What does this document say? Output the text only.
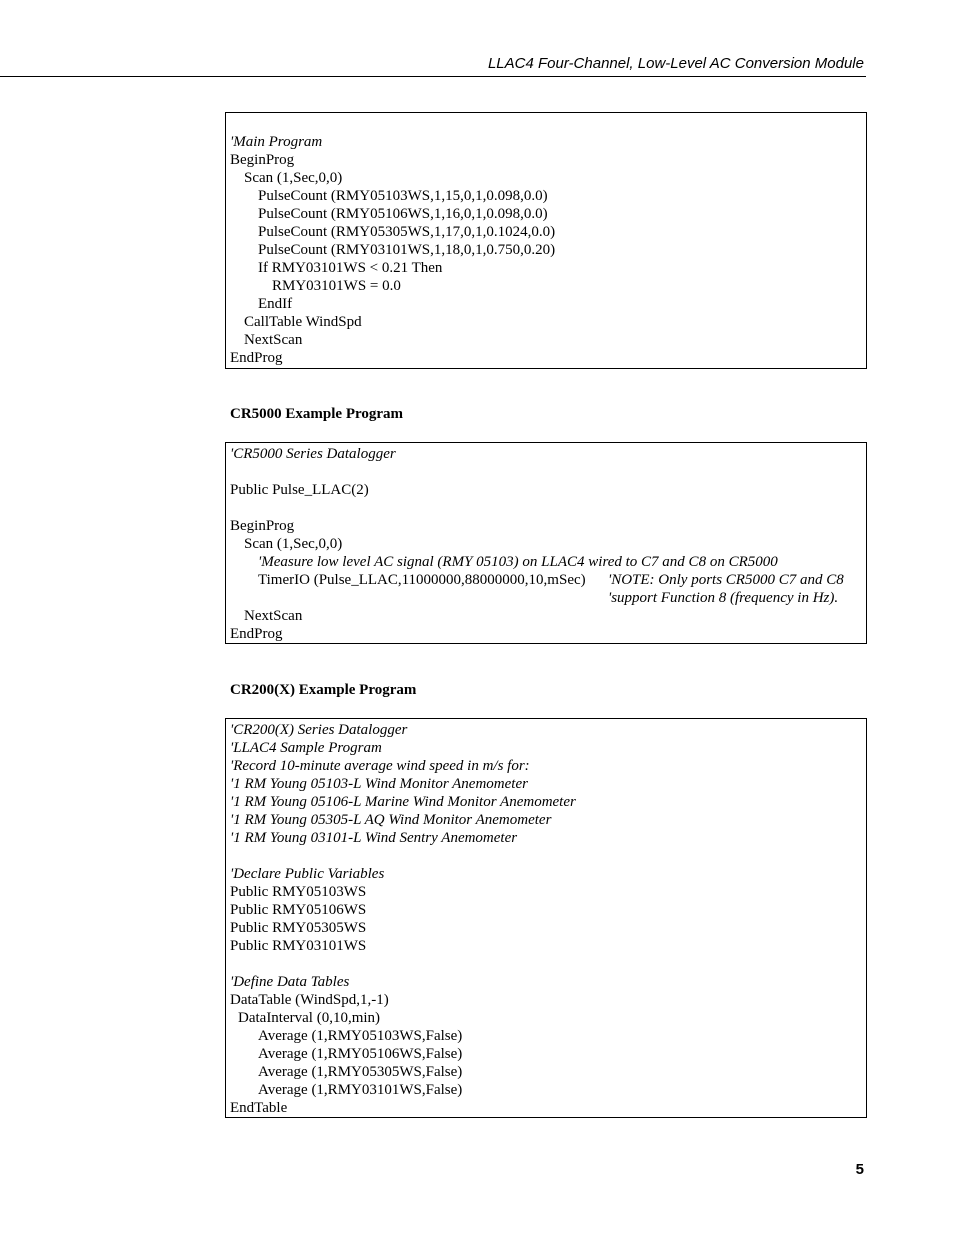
LLAC4 Four-Channel, Low-Level AC Conversion Module
'Main Program
BeginProg
Scan (1,Sec,0,0)
PulseCount (RMY05103WS,1,15,0,1,0.098,0.0)
PulseCount (RMY05106WS,1,16,0,1,0.098,0.0)
PulseCount (RMY05305WS,1,17,0,1,0.1024,0.0)
PulseCount (RMY03101WS,1,18,0,1,0.750,0.20)
If RMY03101WS < 0.21 Then
RMY03101WS = 0.0
EndIf
CallTable WindSpd
NextScan
EndProg
CR5000 Example Program
'CR5000 Series Datalogger
Public Pulse_LLAC(2)
BeginProg
Scan (1,Sec,0,0)
'Measure low level AC signal (RMY 05103) on LLAC4 wired to C7 and C8 on CR5000
TimerIO (Pulse_LLAC,11000000,88000000,10,mSec) 'NOTE: Only ports CR5000 C7 and C8
'support Function 8 (frequency in Hz).
NextScan
EndProg
CR200(X) Example Program
'CR200(X) Series Datalogger
'LLAC4 Sample Program
'Record 10-minute average wind speed in m/s for:
'1 RM Young 05103-L Wind Monitor Anemometer
'1 RM Young 05106-L Marine Wind Monitor Anemometer
'1 RM Young 05305-L AQ Wind Monitor Anemometer
'1 RM Young 03101-L Wind Sentry Anemometer
'Declare Public Variables
Public RMY05103WS
Public RMY05106WS
Public RMY05305WS
Public RMY03101WS
'Define Data Tables
DataTable (WindSpd,1,-1)
DataInterval (0,10,min)
Average (1,RMY05103WS,False)
Average (1,RMY05106WS,False)
Average (1,RMY05305WS,False)
Average (1,RMY03101WS,False)
EndTable
5
